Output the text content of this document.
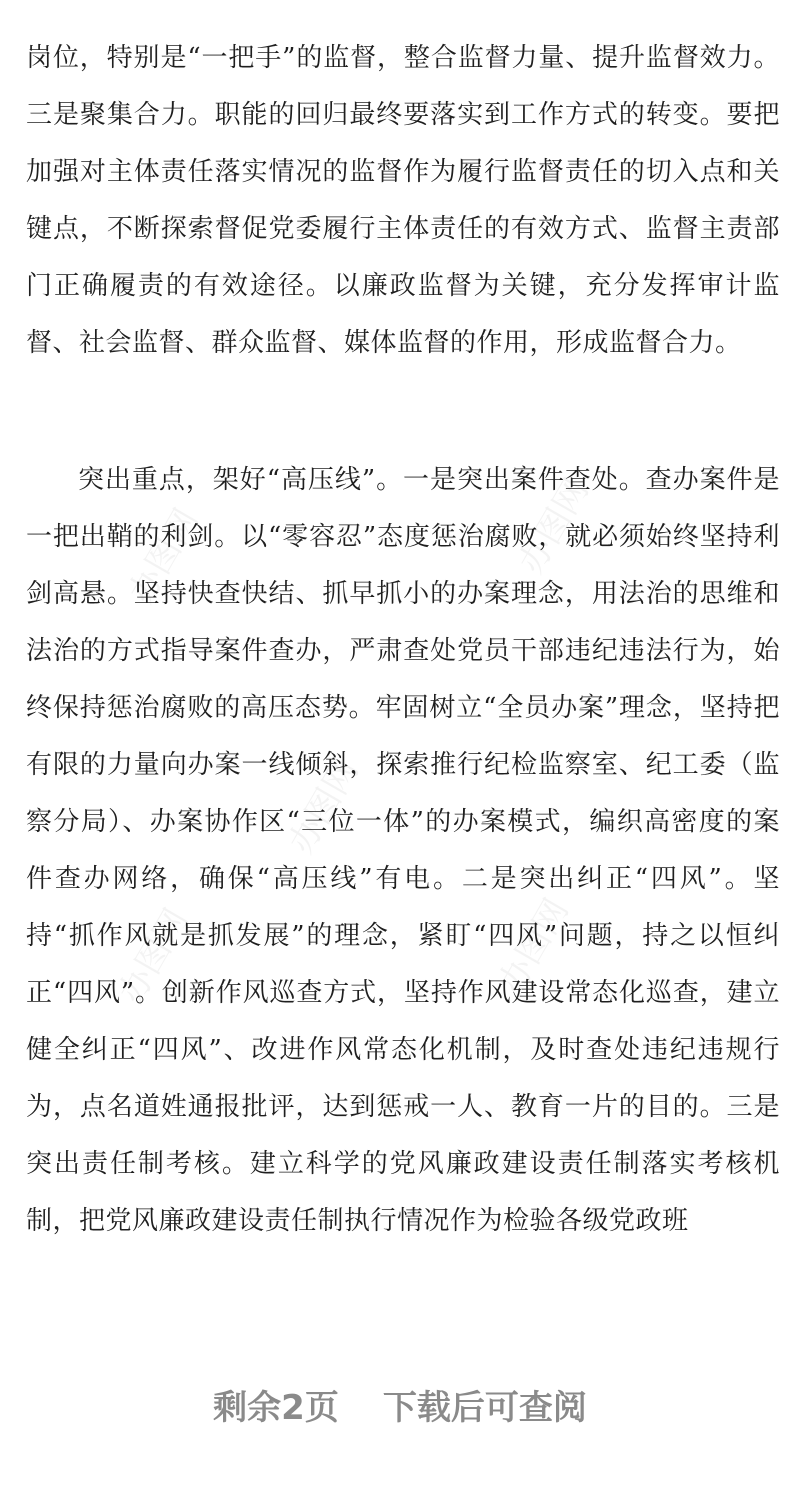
办图网	办图网
办图网
办图网
办图网

岗位，特别是“一把手”的监督，整合监督力量、提升监督效力。三是聚集合力。职能的回归最终要落实到工作方式的转变。要把加强对主体责任落实情况的监督作为履行监督责任的切入点和关键点，不断探索督促党委履行主体责任的有效方式、监督主责部门正确履责的有效途径。以廉政监督为关键，充分发挥审计监督、社会监督、群众监督、媒体监督的作用，形成监督合力。

突出重点，架好“高压线”。一是突出案件查处。查办案件是一把出鞘的利剑。以“零容忍”态度惩治腐败，就必须始终坚持利剑高悬。坚持快查快结、抓早抓小的办案理念，用法治的思维和法治的方式指导案件查办，严肃查处党员干部违纪违法行为，始终保持惩治腐败的高压态势。牢固树立“全员办案”理念，坚持把有限的力量向办案一线倾斜，探索推行纪检监察室、纪工委（监察分局）、办案协作区“三位一体”的办案模式，编织高密度的案件查办网络，确保“高压线”有电。二是突出纠正“四风”。坚持“抓作风就是抓发展”的理念，紧盯“四风”问题，持之以恒纠正“四风”。创新作风巡查方式，坚持作风建设常态化巡查，建立健全纠正“四风”、改进作风常态化机制，及时查处违纪违规行为，点名道姓通报批评，达到惩戒一人、教育一片的目的。三是突出责任制考核。建立科学的党风廉政建设责任制落实考核机制，把党风廉政建设责任制执行情况作为检验各级党政班

剩余2页 下载后可查阅
